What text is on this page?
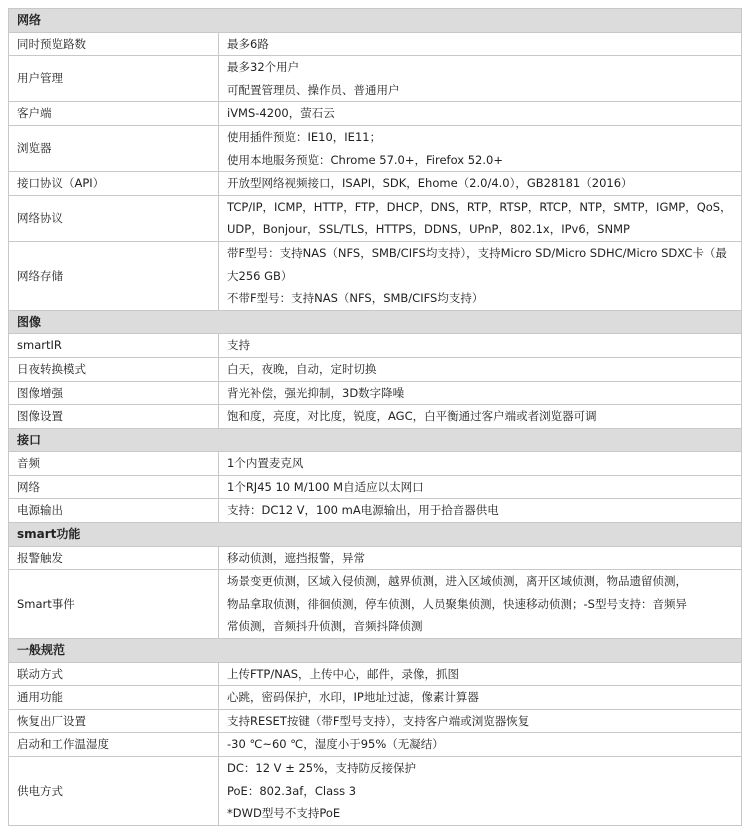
网络	
同时预览路数	最多6路

用户管理	最多32个用户
可配置管理员、操作员、普通用户

客户端	iVMS-4200，萤石云

浏览器	使用插件预览：IE10，IE11；
使用本地服务预览：Chrome 57.0+，Firefox 52.0+

接口协议（API）	开放型网络视频接口，ISAPI，SDK，Ehome（2.0/4.0），GB28181（2016）

网络协议	TCP/IP，ICMP，HTTP，FTP，DHCP，DNS，RTP，RTSP，RTCP，NTP，SMTP，IGMP，QoS，
UDP，Bonjour，SSL/TLS，HTTPS，DDNS，UPnP，802.1x，IPv6，SNMP

网络存储	带F型号：支持NAS（NFS，SMB/CIFS均支持），支持Micro SD/Micro SDHC/Micro SDXC卡（最
大256 GB）
不带F型号：支持NAS（NFS，SMB/CIFS均支持）

图像	
smartIR	支持

日夜转换模式	白天，夜晚，自动，定时切换

图像增强	背光补偿，强光抑制，3D数字降噪

图像设置	饱和度，亮度，对比度，锐度，AGC，白平衡通过客户端或者浏览器可调

接口	
音频	1个内置麦克风

网络	1个RJ45 10 M/100 M自适应以太网口

电源输出	支持：DC12 V，100 mA电源输出，用于拾音器供电

smart功能	
报警触发	移动侦测，遮挡报警，异常

Smart事件	场景变更侦测，区域入侵侦测，越界侦测，进入区域侦测，离开区域侦测，物品遗留侦测，
物品拿取侦测，徘徊侦测，停车侦测，人员聚集侦测，快速移动侦测；-S型号支持：音频异
常侦测，音频抖升侦测，音频抖降侦测

一般规范	
联动方式	上传FTP/NAS，上传中心，邮件，录像，抓图

通用功能	心跳，密码保护，水印，IP地址过滤，像素计算器

恢复出厂设置	支持RESET按键（带F型号支持），支持客户端或浏览器恢复

启动和工作温湿度	-30 ℃~60 ℃，湿度小于95%（无凝结）

供电方式	DC：12 V ± 25%，支持防反接保护
PoE：802.3af，Class 3
*DWD型号不支持PoE
